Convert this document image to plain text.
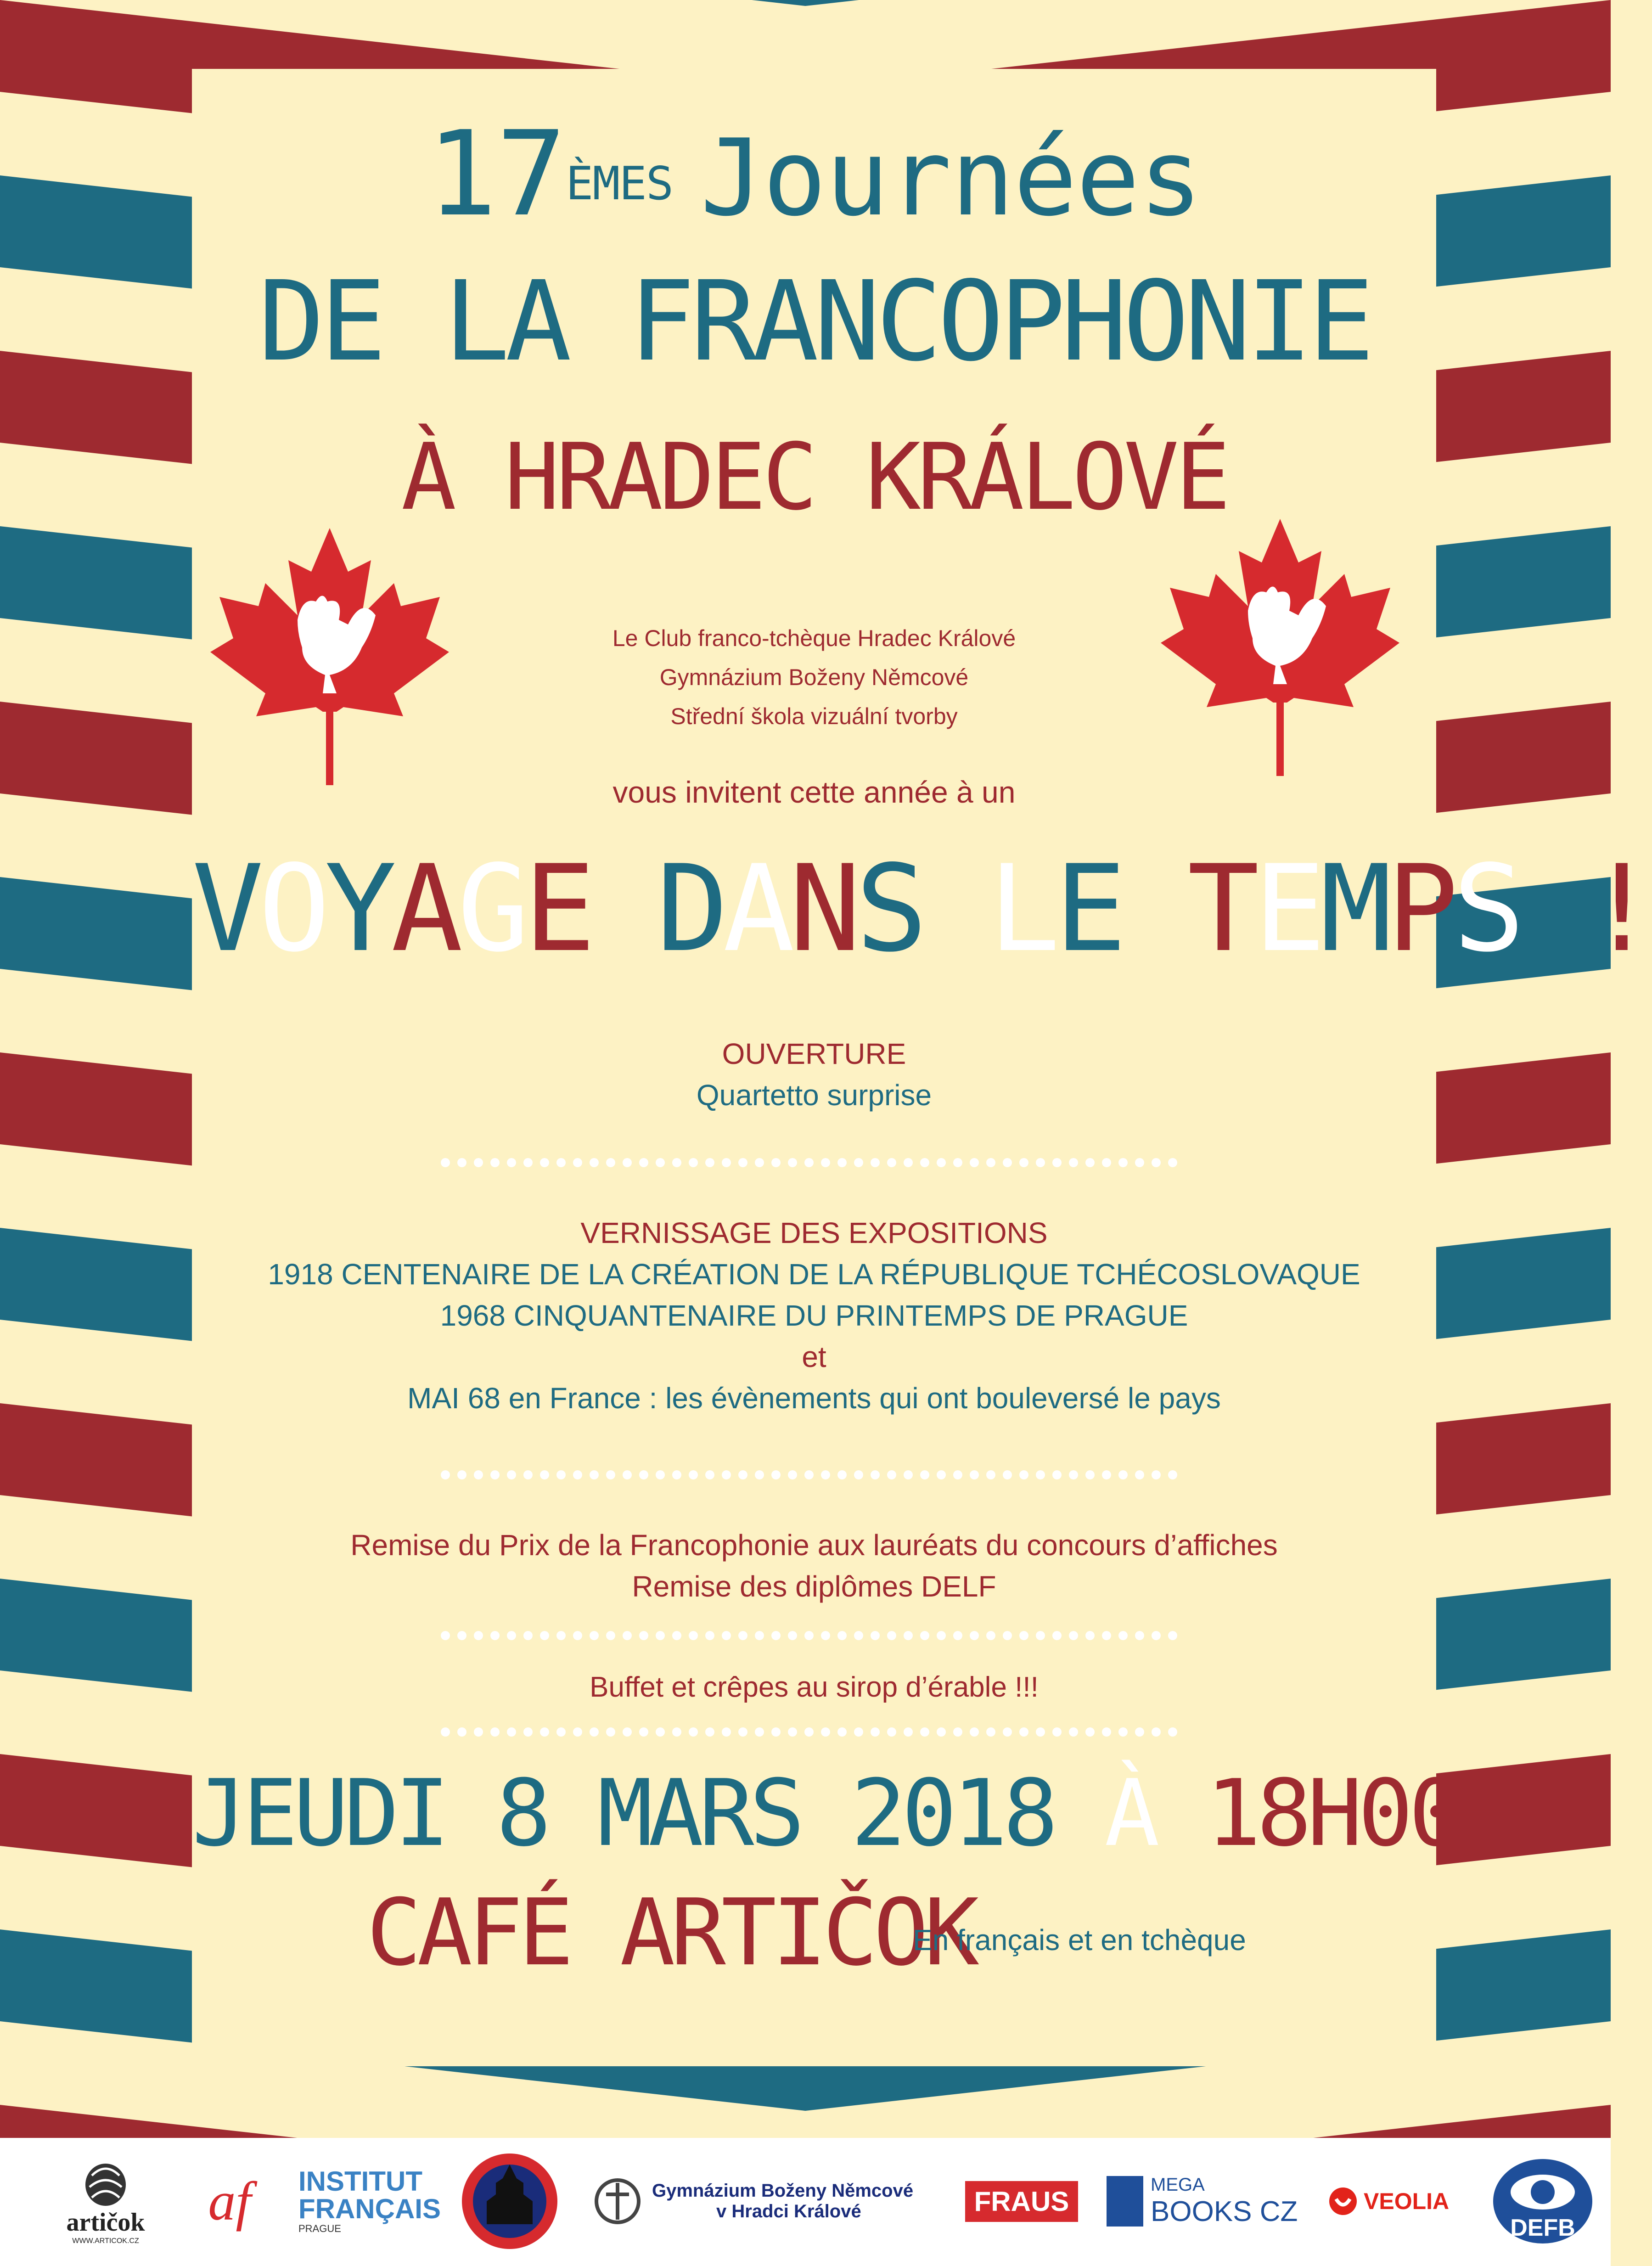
17ÈMES Journées
DE LA FRANCOPHONIE
À HRADEC KRÁLOVÉ
Le Club franco-tchèque Hradec Králové
Gymnázium Boženy Němcové
Střední škola vizuální tvorby
vous invitent cette année à un
VOYAGE DANS LE TEMPS !
OUVERTURE
Quartetto surprise
VERNISSAGE DES EXPOSITIONS
1918 CENTENAIRE DE LA CRÉATION DE LA RÉPUBLIQUE TCHÉCOSLOVAQUE
1968 CINQUANTENAIRE DU PRINTEMPS DE PRAGUE
et
MAI 68 en France : les évènements qui ont bouleversé le pays
Remise du Prix de la Francophonie aux lauréats du concours d’affiches
Remise des diplômes DELF
Buffet et crêpes au sirop d’érable !!!
JEUDI 8 MARS 2018 À 18H00
CAFÉ ARTIČOK
En français et en tchèque
artičok
WWW.ARTICOK.CZ
af INSTITUT
FRANÇAIS
PRAGUE
Gymnázium Boženy Němcové
v Hradci Králové	FRAUS
MEGA
BOOKS CZ	VEOLIA
DEFB
